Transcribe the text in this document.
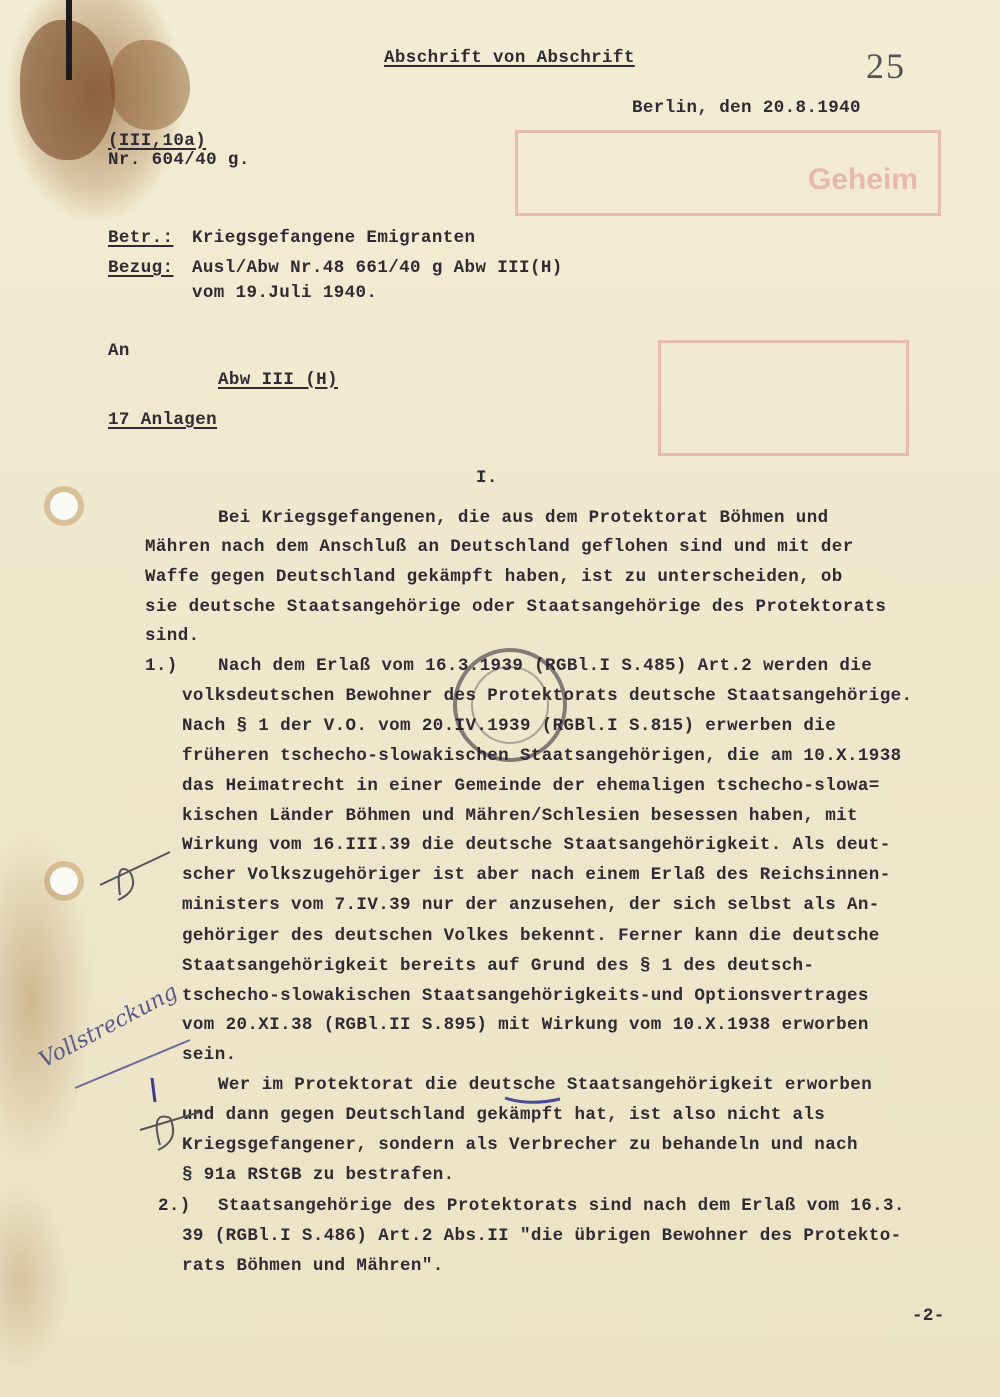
Geheim
Abschrift von Abschrift	25
Berlin, den 20.8.1940
(III,10a)
Nr. 604/40 g.
Betr.: Kriegsgefangene Emigranten
Bezug: Ausl/Abw Nr.48 661/40 g Abw III(H)
vom 19.Juli 1940.
An
Abw III (H)
17 Anlagen
I.
Bei Kriegsgefangenen, die aus dem Protektorat Böhmen und
Mähren nach dem Anschluß an Deutschland geflohen sind und mit der
Waffe gegen Deutschland gekämpft haben, ist zu unterscheiden, ob
sie deutsche Staatsangehörige oder Staatsangehörige des Protektorats
sind.
1.) Nach dem Erlaß vom 16.3.1939 (RGBl.I S.485) Art.2 werden die
volksdeutschen Bewohner des Protektorats deutsche Staatsangehörige.
Nach § 1 der V.O. vom 20.IV.1939 (RGBl.I S.815) erwerben die
früheren tschecho-slowakischen Staatsangehörigen, die am 10.X.1938
das Heimatrecht in einer Gemeinde der ehemaligen tschecho-slowa=
kischen Länder Böhmen und Mähren/Schlesien besessen haben, mit
Wirkung vom 16.III.39 die deutsche Staatsangehörigkeit. Als deut-
scher Volkszugehöriger ist aber nach einem Erlaß des Reichsinnen-
ministers vom 7.IV.39 nur der anzusehen, der sich selbst als An-
gehöriger des deutschen Volkes bekennt. Ferner kann die deutsche
Staatsangehörigkeit bereits auf Grund des § 1 des deutsch-
tschecho-slowakischen Staatsangehörigkeits-und Optionsvertrages
vom 20.XI.38 (RGBl.II S.895) mit Wirkung vom 10.X.1938 erworben
sein.
Wer im Protektorat die deutsche Staatsangehörigkeit erworben
und dann gegen Deutschland gekämpft hat, ist also nicht als
Kriegsgefangener, sondern als Verbrecher zu behandeln und nach
§ 91a RStGB zu bestrafen.
2.) Staatsangehörige des Protektorats sind nach dem Erlaß vom 16.3.
39 (RGBl.I S.486) Art.2 Abs.II "die übrigen Bewohner des Protekto-
rats Böhmen und Mähren".
-2-
Vollstreckung
